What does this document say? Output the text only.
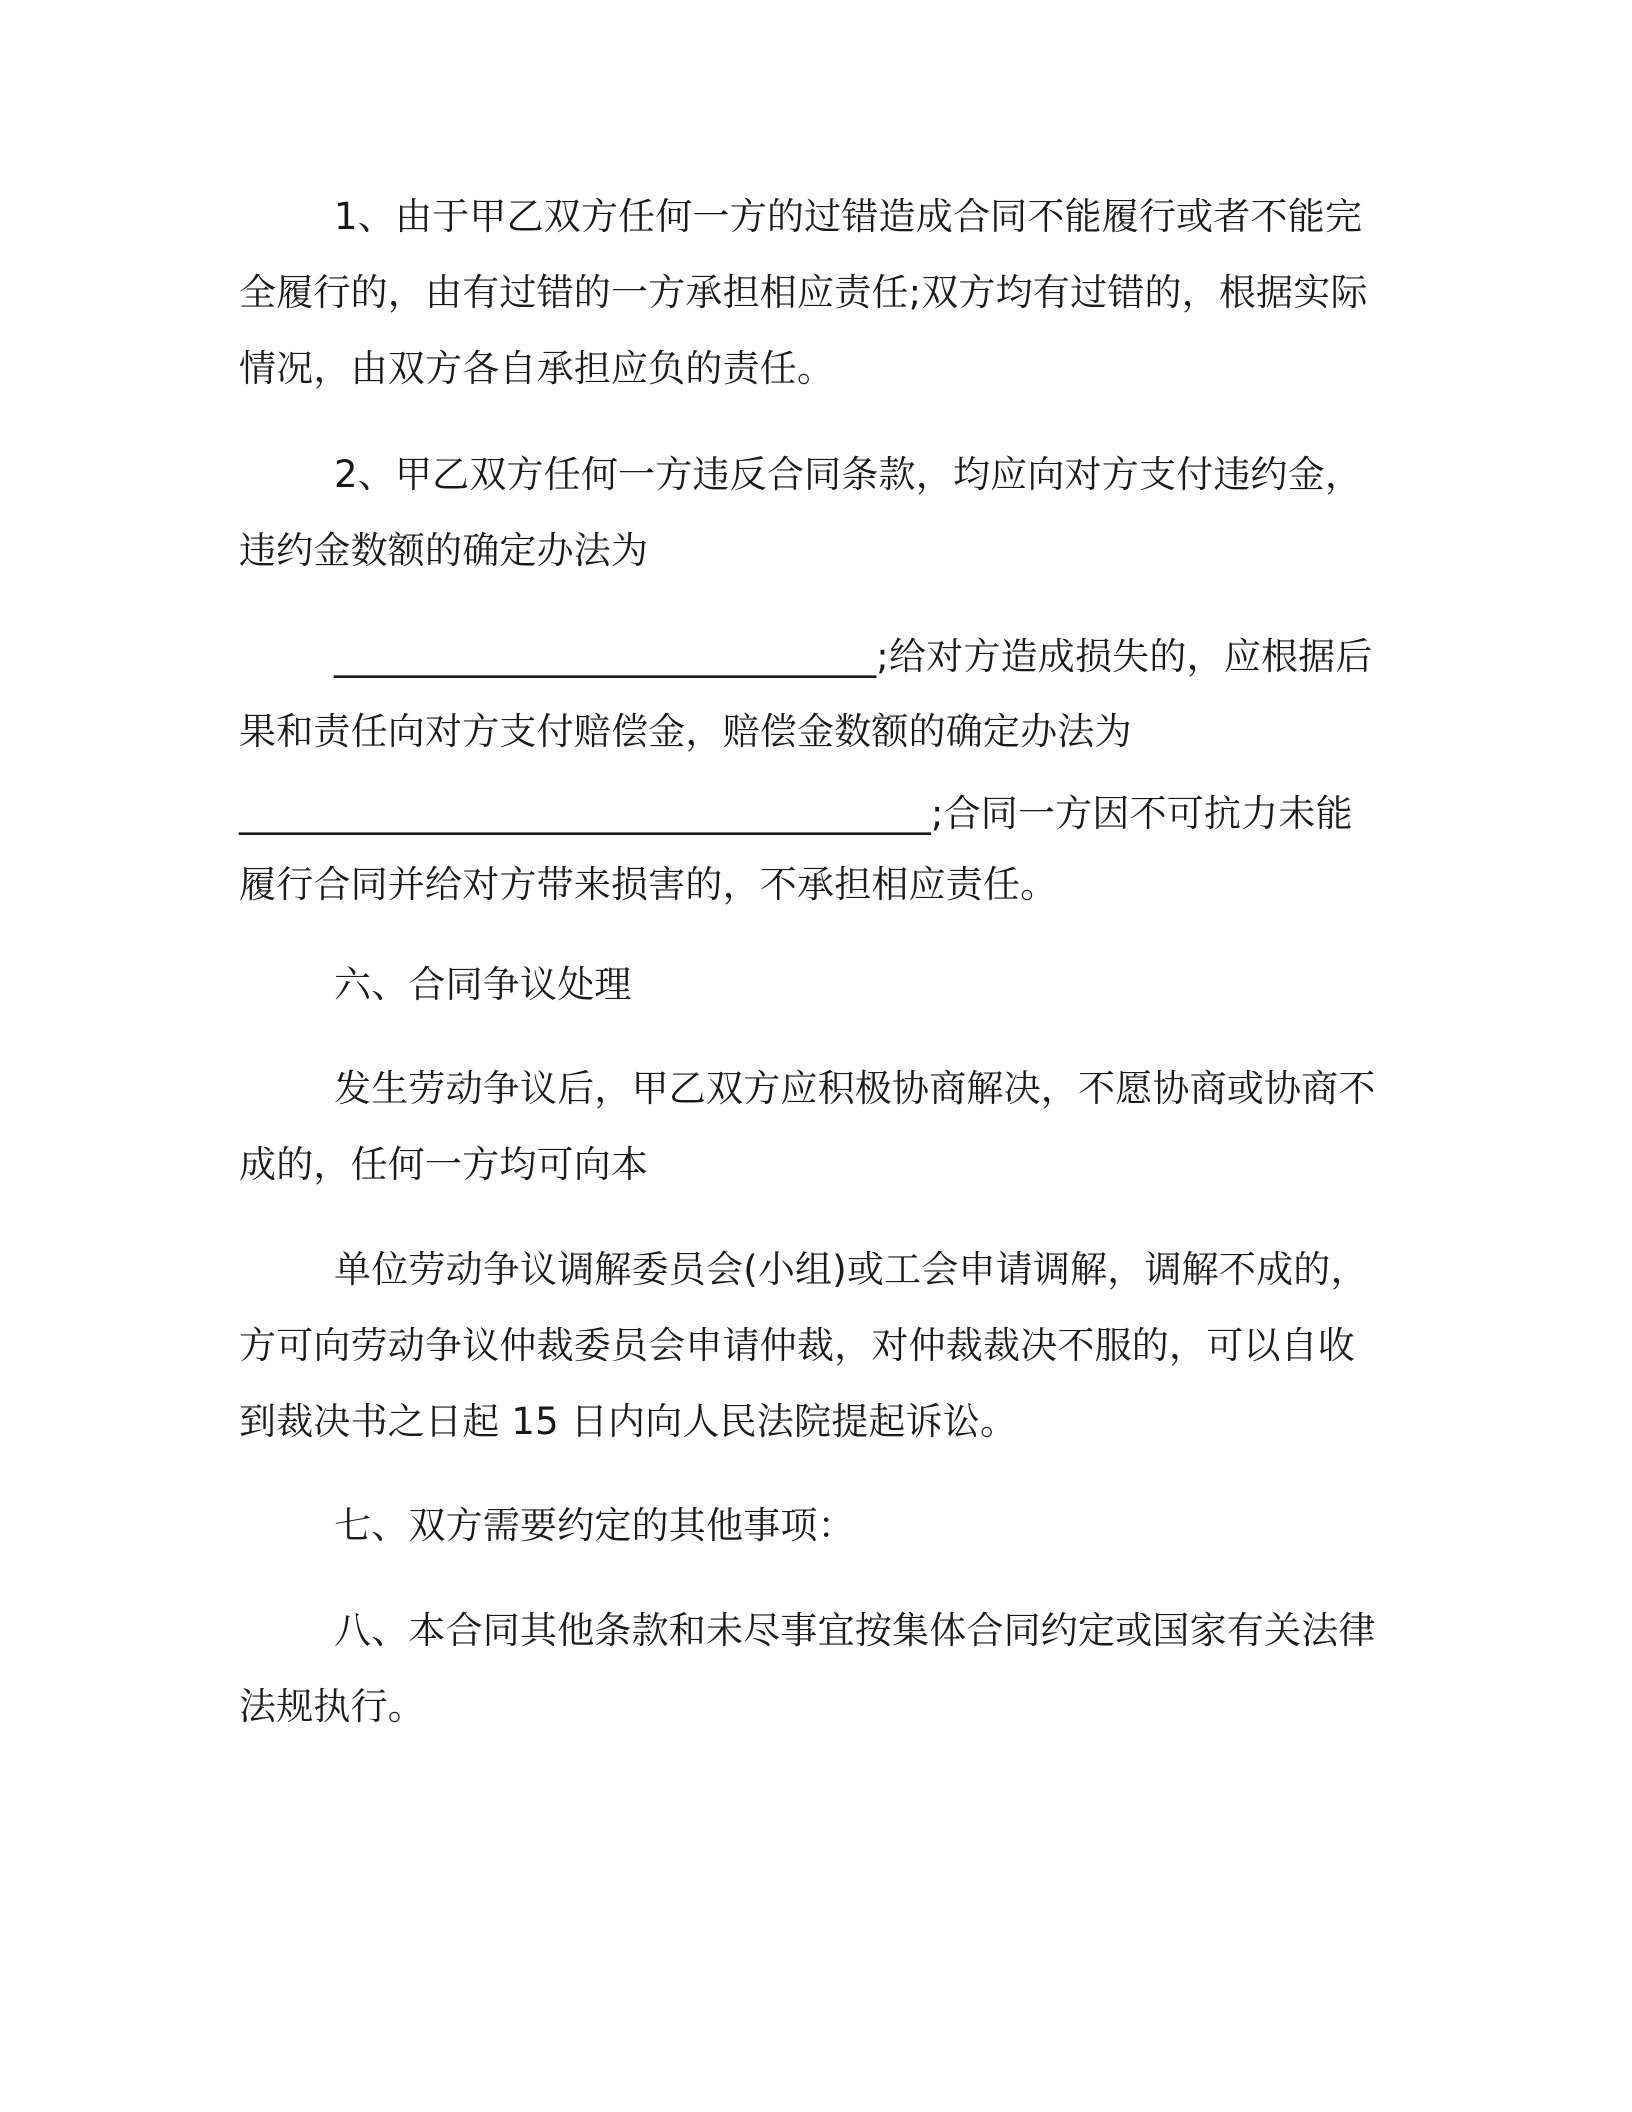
1、由于甲乙双方任何一方的过错造成合同不能履行或者不能完

全履行的，由有过错的一方承担相应责任;双方均有过错的，根据实际

情况，由双方各自承担应负的责任。

2、甲乙双方任何一方违反合同条款，均应向对方支付违约金，

违约金数额的确定办法为

_____________________________;给对方造成损失的，应根据后

果和责任向对方支付赔偿金，赔偿金数额的确定办法为

_____________________________________;合同一方因不可抗力未能

履行合同并给对方带来损害的，不承担相应责任。

六、合同争议处理

发生劳动争议后，甲乙双方应积极协商解决，不愿协商或协商不

成的，任何一方均可向本

单位劳动争议调解委员会(小组)或工会申请调解，调解不成的，

方可向劳动争议仲裁委员会申请仲裁，对仲裁裁决不服的，可以自收

到裁决书之日起 15 日内向人民法院提起诉讼。

七、双方需要约定的其他事项：

八、本合同其他条款和未尽事宜按集体合同约定或国家有关法律

法规执行。
